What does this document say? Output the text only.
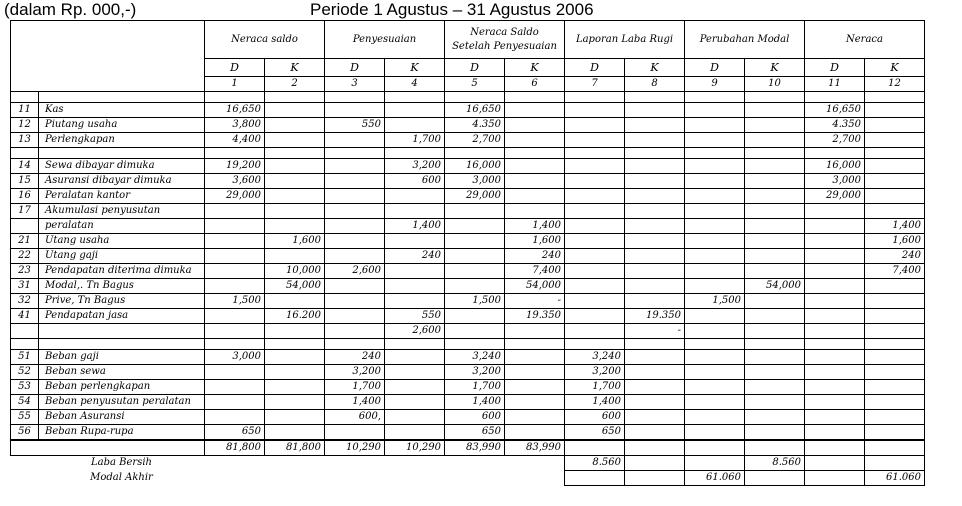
(dalam Rp. 000,-)	Periode 1 Agustus – 31 Agustus 2006
		Neraca saldo		Penyesuaian		Neraca Saldo
Setelah Penyesuaian		Laporan Laba Rugi		Perubahan Modal		Neraca	
		D	K	D	K	D	K	D	K	D	K	D	K
		1	2	3	4	5	6	7	8	9	10	11	12

11	Kas	16,650				16,650						16,650	
12	Piutang usaha	3,800		550		4.350						4.350	
13	Perlengkapan	4,400			1,700	2,700						2,700	

14	Sewa dibayar dimuka	19,200			3,200	16,000						16,000	
15	Asuransi dibayar dimuka	3,600			600	3,000						3,000	
16	Peralatan kantor	29,000				29,000						29,000	
17	Akumulasi penyusutan												
	peralatan				1,400		1,400						1,400
21	Utang usaha		1,600				1,600						1,600
22	Utang gaji				240		240						240
23	Pendapatan diterima dimuka		10,000	2,600			7,400						7,400
31	Modal,. Tn Bagus		54,000				54,000				54,000		
32	Prive, Tn Bagus	1,500				1,500	-			1,500			
41	Pendapatan jasa		16.200		550		19.350		19.350				
					2,600				-				

51	Beban gaji	3,000		240		3,240		3,240					
52	Beban sewa			3,200		3,200		3,200					
53	Beban perlengkapan			1,700		1,700		1,700					
54	Beban penyusutan peralatan			1,400		1,400		1,400					
55	Beban Asuransi			600,		600		600					
56	Beban Rupa-rupa	650				650		650					
		81,800	81,800	10,290	10,290	83,990	83,990						
	Laba Bersih							8.560			8.560		
	Modal Akhir									61.060			61.060
